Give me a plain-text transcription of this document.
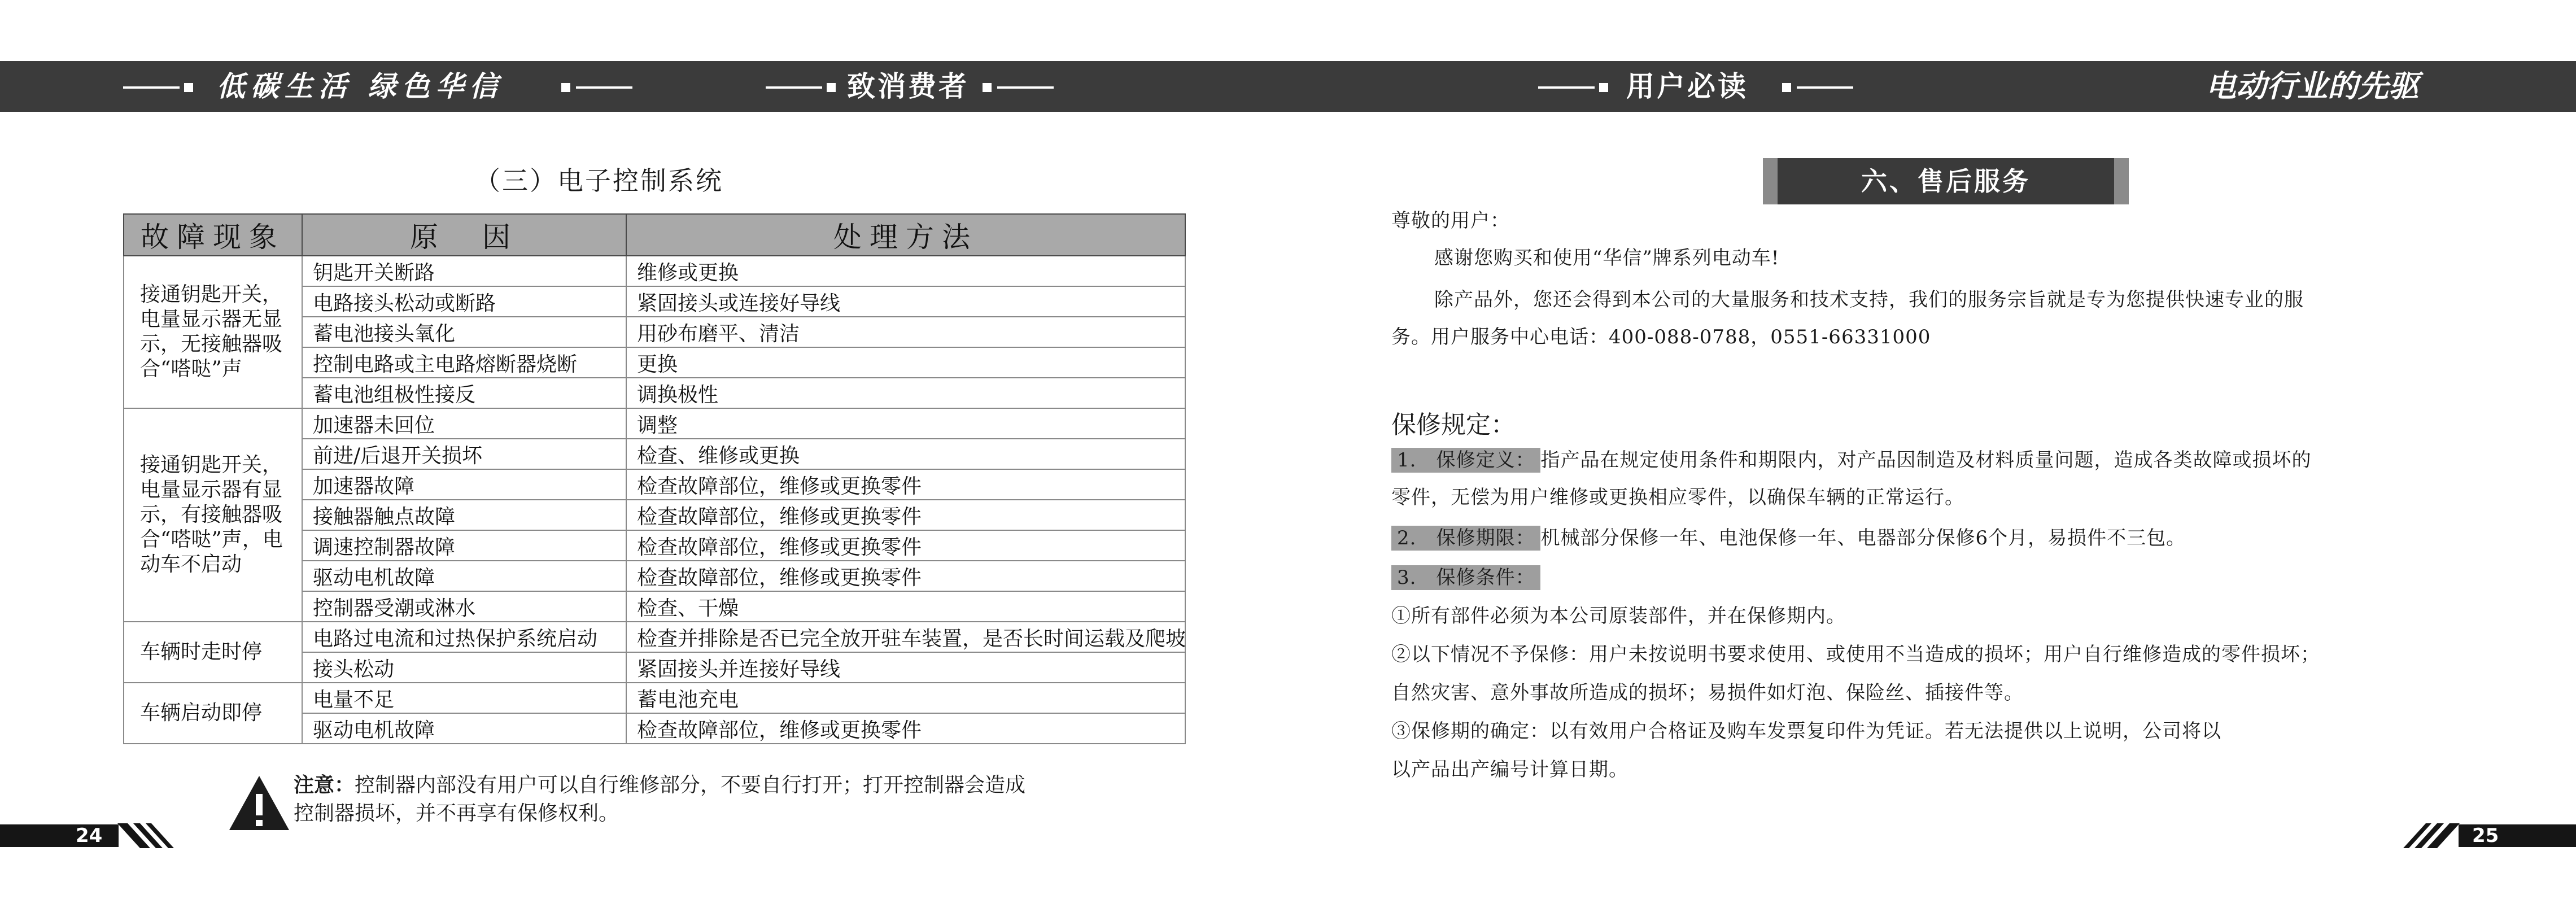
低碳生活 绿色华信	致消费者	用户必读	电动行业的先驱
（三）电子控制系统
故障现象	原　因	处理方法
接通钥匙开关，电量显示器无显示，无接触器吸合“嗒哒”声	钥匙开关断路	维修或更换
	电路接头松动或断路	紧固接头或连接好导线
	蓄电池接头氧化	用砂布磨平、清洁
	控制电路或主电路熔断器烧断	更换
	蓄电池组极性接反	调换极性
接通钥匙开关，电量显示器有显示，有接触器吸合“嗒哒”声，电动车不启动	加速器未回位	调整
	前进/后退开关损坏	检查、维修或更换
	加速器故障	检查故障部位，维修或更换零件
	接触器触点故障	检查故障部位，维修或更换零件
	调速控制器故障	检查故障部位，维修或更换零件
	驱动电机故障	检查故障部位，维修或更换零件
	控制器受潮或淋水	检查、干燥
车辆时走时停	电路过电流和过热保护系统启动	检查并排除是否已完全放开驻车装置，是否长时间运载及爬坡
	接头松动	紧固接头并连接好导线
车辆启动即停	电量不足	蓄电池充电
	驱动电机故障	检查故障部位，维修或更换零件
注意：控制器内部没有用户可以自行维修部分，不要自行打开；打开控制器会造成
控制器损坏，并不再享有保修权利。
24	25
六、售后服务
尊敬的用户：
感谢您购买和使用“华信”牌系列电动车!
除产品外，您还会得到本公司的大量服务和技术支持，我们的服务宗旨就是专为您提供快速专业的服
务。用户服务中心电话：400-088-0788，0551-66331000
保修规定：
1.　保修定义： 指产品在规定使用条件和期限内，对产品因制造及材料质量问题，造成各类故障或损坏的
零件，无偿为用户维修或更换相应零件，以确保车辆的正常运行。
2.　保修期限： 机械部分保修一年、电池保修一年、电器部分保修6个月，易损件不三包。
3.　保修条件：
①所有部件必须为本公司原装部件，并在保修期内。
②以下情况不予保修：用户未按说明书要求使用、或使用不当造成的损坏；用户自行维修造成的零件损坏；
自然灾害、意外事故所造成的损坏；易损件如灯泡、保险丝、插接件等。
③保修期的确定：以有效用户合格证及购车发票复印件为凭证。若无法提供以上说明，公司将以
以产品出产编号计算日期。
